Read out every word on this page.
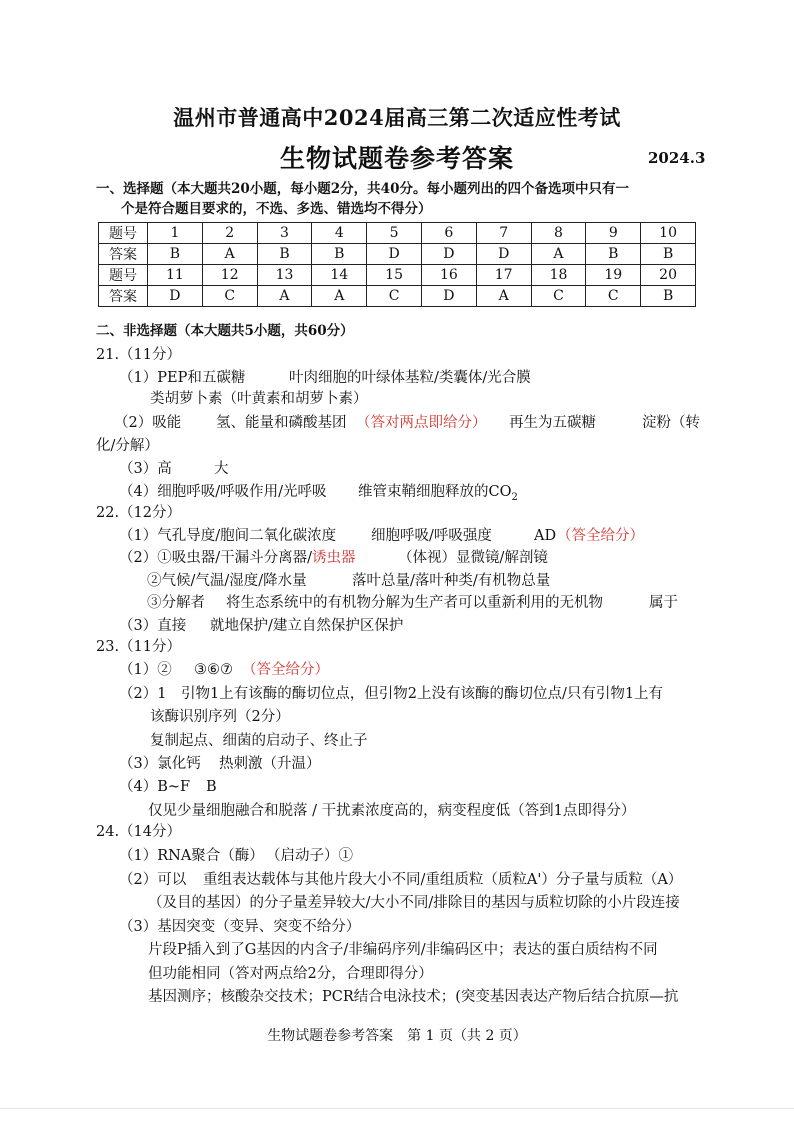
温州市普通高中2024届高三第二次适应性考试
生物试题卷参考答案	2024.3
一、选择题（本大题共20小题，每小题2分，共40分。每小题列出的四个备选项中只有一
个是符合题目要求的，不选、多选、错选均不得分）
题号	1	2	3	4	5	6	7	8	9	10
答案	B	A	B	B	D	D	D	A	B	B
题号	11	12	13	14	15	16	17	18	19	20
答案	D	C	A	A	C	D	A	C	C	B
二、非选择题（本大题共5小题，共60分）
21.（11分）
（1）PEP和五碳糖	叶肉细胞的叶绿体基粒/类囊体/光合膜
类胡萝卜素（叶黄素和胡萝卜素）
（2）吸能 氢、能量和磷酸基团 （答对两点即给分） 再生为五碳糖	淀粉（转
化/分解）
（3）高	大
（4）细胞呼吸/呼吸作用/光呼吸 维管束鞘细胞释放的$CO_2$
22.（12分）
（1）气孔导度/胞间二氧化碳浓度 细胞呼吸/呼吸强度	AD （答全给分）
（2）①吸虫器/干漏斗分离器/诱虫器	（体视）显微镜/解剖镜
②气候/气温/湿度/降水量	落叶总量/落叶种类/有机物总量
③分解者 将生态系统中的有机物分解为生产者可以重新利用的无机物	属于
（3）直接 就地保护/建立自然保护区保护
23.（11分）
（1）② ③⑥⑦ （答全给分）
（2）1 引物1上有该酶的酶切位点，但引物2上没有该酶的酶切位点/只有引物1上有
该酶识别序列（2分）
复制起点、细菌的启动子、终止子
（3）氯化钙 热刺激（升温）
（4）B~F B
仅见少量细胞融合和脱落 / 干扰素浓度高的，病变程度低（答到1点即得分）
24.（14分）
（1）RNA聚合（酶） （启动子）①
（2）可以 重组表达载体与其他片段大小不同/重组质粒（质粒A'）分子量与质粒（A）
（及目的基因）的分子量差异较大/大小不同/排除目的基因与质粒切除的小片段连接
（3）基因突变（变异、突变不给分）
片段P插入到了G基因的内含子/非编码序列/非编码区中；表达的蛋白质结构不同
但功能相同（答对两点给2分，合理即得分）
基因测序；核酸杂交技术；PCR结合电泳技术；(突变基因表达产物后结合抗原—抗
生物试题卷参考答案　第 1 页（共 2 页）
